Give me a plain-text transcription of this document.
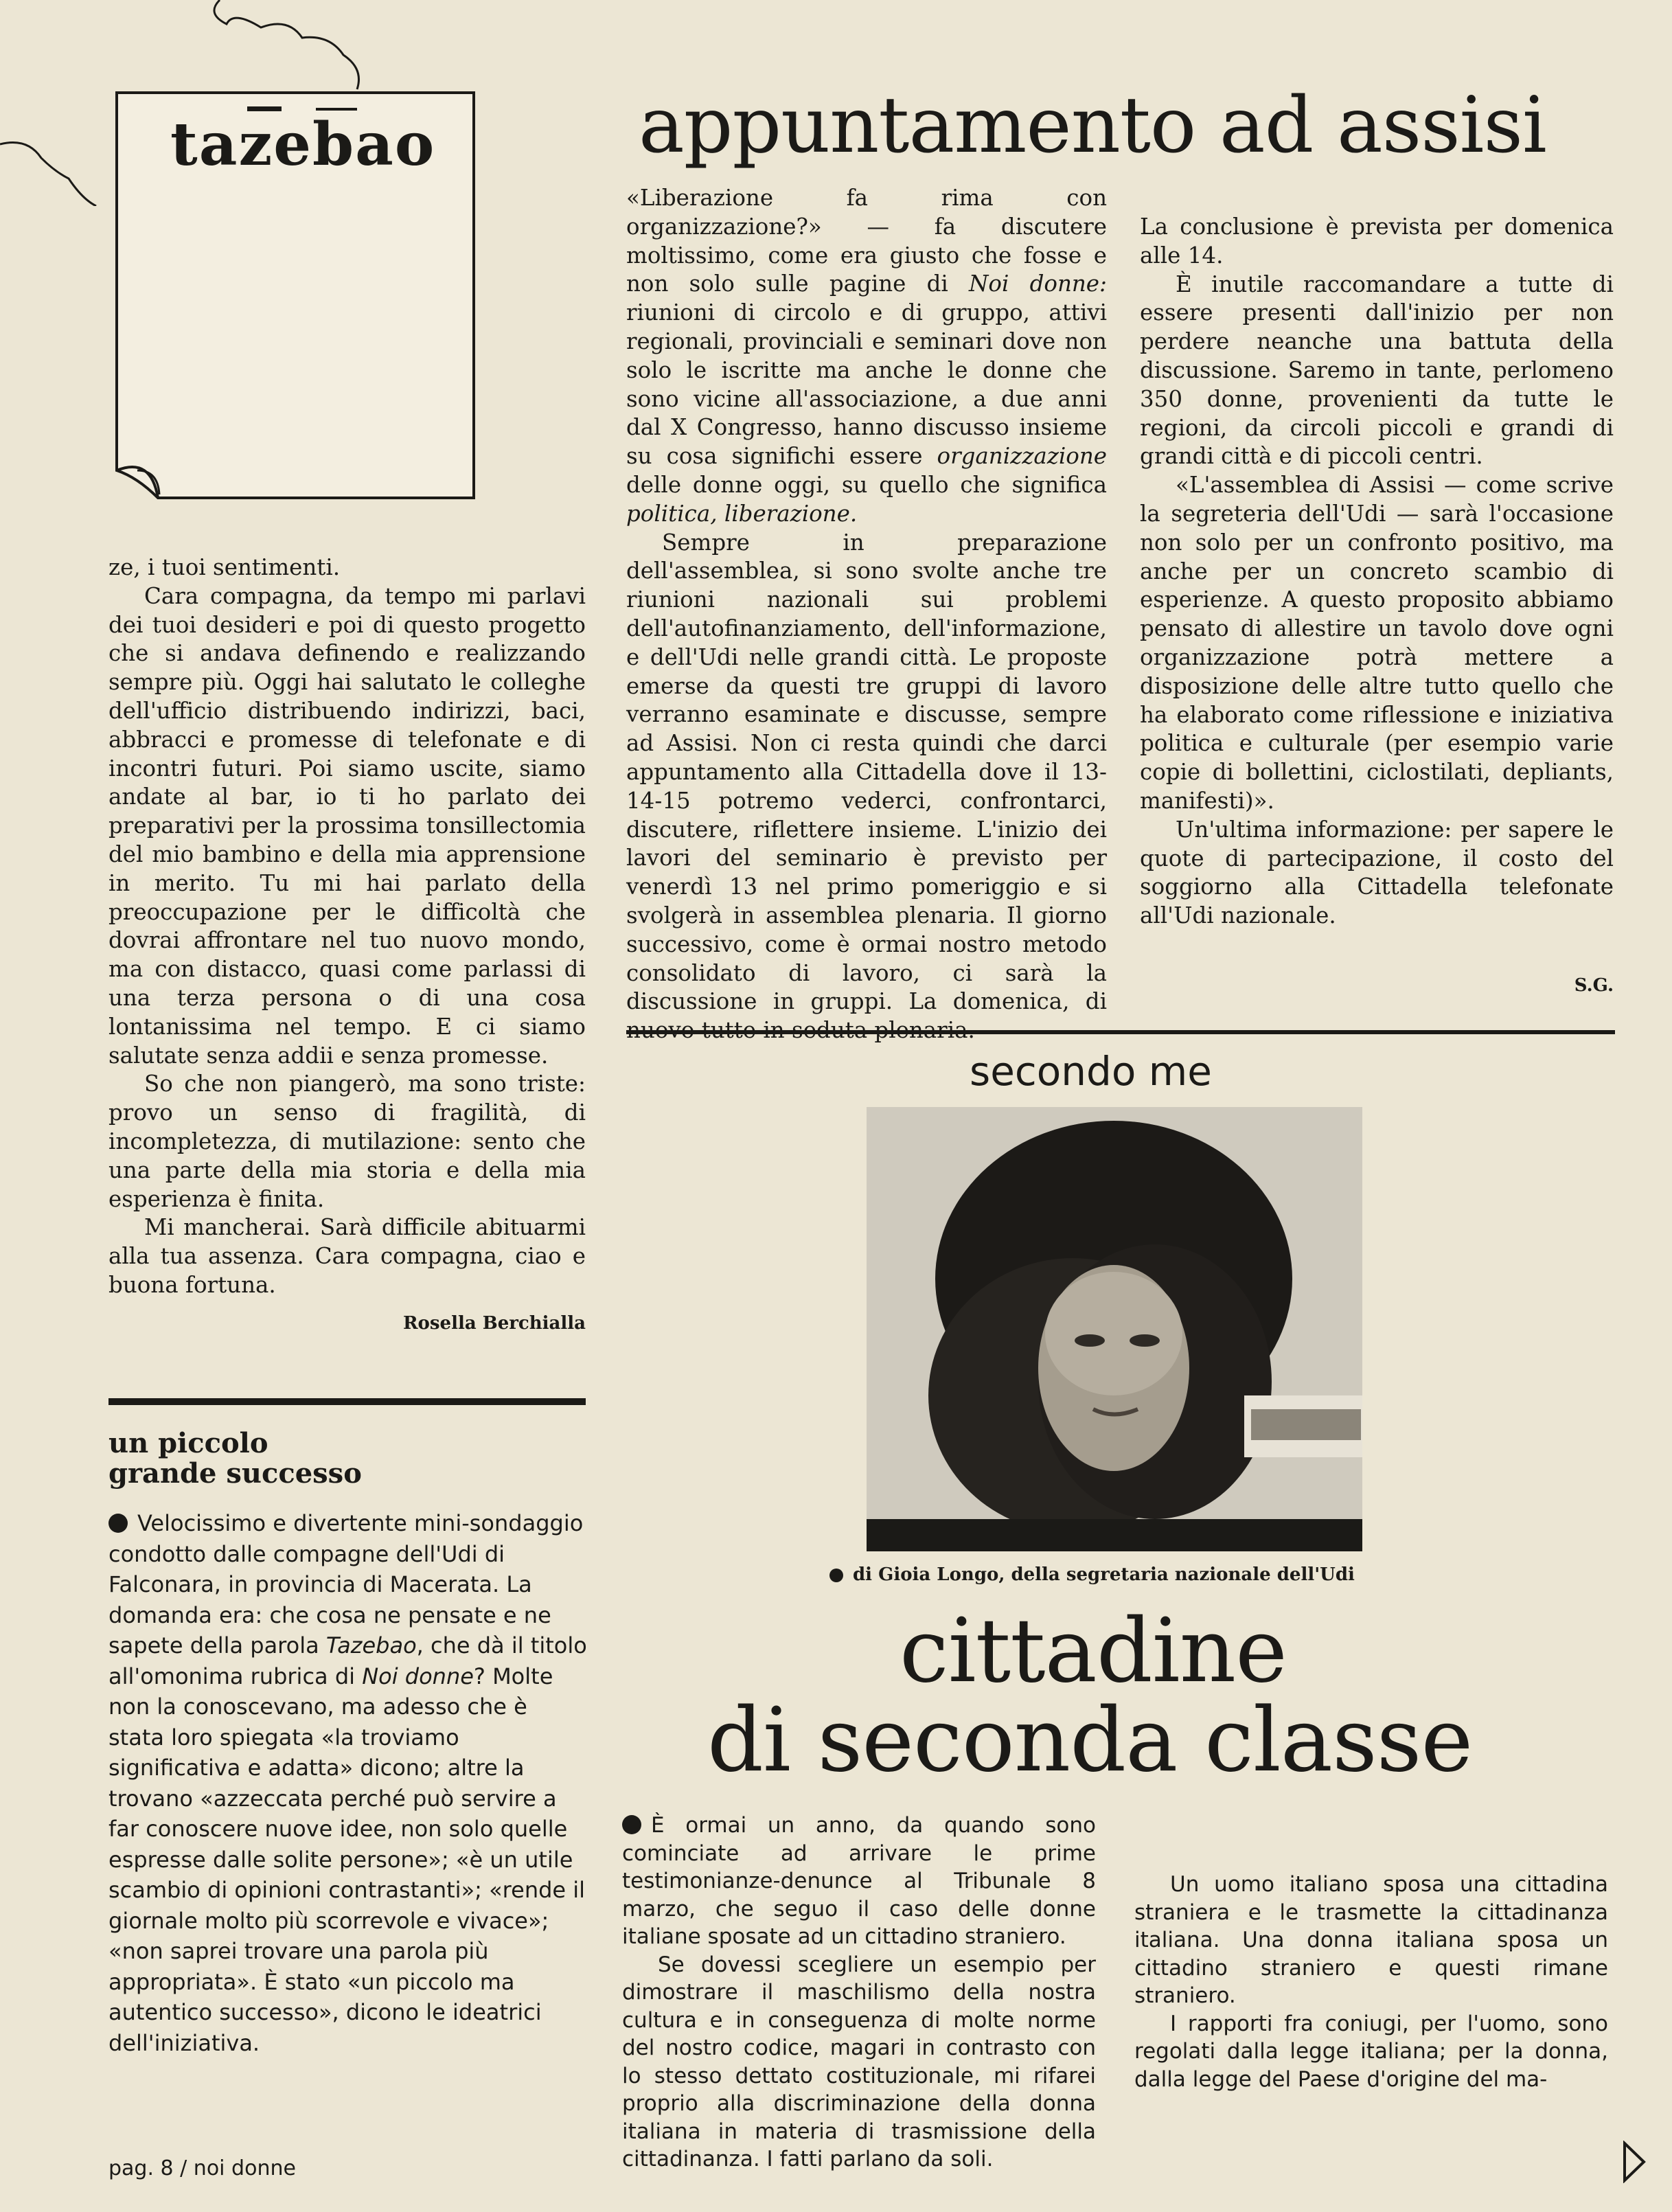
tazebao

ze, i tuoi sentimenti.

Cara compagna, da tempo mi parlavi dei tuoi desideri e poi di questo progetto che si andava definendo e realizzando sempre più. Oggi hai salutato le colleghe dell'ufficio distribuendo indirizzi, baci, abbracci e promesse di telefonate e di incontri futuri. Poi siamo uscite, siamo andate al bar, io ti ho parlato dei preparativi per la prossima tonsillectomia del mio bambino e della mia apprensione in merito. Tu mi hai parlato della preoccupazione per le difficoltà che dovrai affrontare nel tuo nuovo mondo, ma con distacco, quasi come parlassi di una terza persona o di una cosa lontanissima nel tempo. E ci siamo salutate senza addii e senza promesse.

So che non piangerò, ma sono triste: provo un senso di fragilità, di incompletezza, di mutilazione: sento che una parte della mia storia e della mia esperienza è finita.

Mi mancherai. Sarà difficile abituarmi alla tua assenza. Cara compagna, ciao e buona fortuna.

Rosella Berchialla

un piccolo
grande successo
Velocissimo e divertente mini-sondaggio condotto dalle compagne dell'Udi di Falconara, in provincia di Macerata. La domanda era: che cosa ne pensate e ne sapete della parola Tazebao, che dà il titolo all'omonima rubrica di Noi donne? Molte non la conoscevano, ma adesso che è stata loro spiegata «la troviamo significativa e adatta» dicono; altre la trovano «azzeccata perché può servire a far conoscere nuove idee, non solo quelle espresse dalle solite persone»; «è un utile scambio di opinioni contrastanti»; «rende il giornale molto più scorrevole e vivace»; «non saprei trovare una parola più appropriata». È stato «un piccolo ma autentico successo», dicono le ideatrici dell'iniziativa.
pag. 8 / noi donne
appuntamento ad assisi

«Liberazione fa rima con organizzazione?» — fa discutere moltissimo, come era giusto che fosse e non solo sulle pagine di Noi donne: riunioni di circolo e di gruppo, attivi regionali, provinciali e seminari dove non solo le iscritte ma anche le donne che sono vicine all'associazione, a due anni dal X Congresso, hanno discusso insieme su cosa significhi essere organizzazione delle donne oggi, su quello che significa politica, liberazione.

Sempre in preparazione dell'assemblea, si sono svolte anche tre riunioni nazionali sui problemi dell'autofinanziamento, dell'informazione, e dell'Udi nelle grandi città. Le proposte emerse da questi tre gruppi di lavoro verranno esaminate e discusse, sempre ad Assisi. Non ci resta quindi che darci appuntamento alla Cittadella dove il 13-14-15 potremo vederci, confrontarci, discutere, riflettere insieme. L'inizio dei lavori del seminario è previsto per venerdì 13 nel primo pomeriggio e si svolgerà in assemblea plenaria. Il giorno successivo, come è ormai nostro metodo consolidato di lavoro, ci sarà la discussione in gruppi. La domenica, di

La conclusione è prevista per domenica alle 14.

È inutile raccomandare a tutte di essere presenti dall'inizio per non perdere neanche una battuta della discussione. Saremo in tante, perlomeno 350 donne, provenienti da tutte le regioni, da circoli piccoli e grandi di grandi città e di piccoli centri.

«L'assemblea di Assisi — come scrive la segreteria dell'Udi — sarà l'occasione non solo per un confronto positivo, ma anche per un concreto scambio di esperienze. A questo proposito abbiamo pensato di allestire un tavolo dove ogni organizzazione potrà mettere a disposizione delle altre tutto quello che ha elaborato come riflessione e iniziativa politica e culturale (per esempio varie copie di bollettini, ciclostilati, depliants, manifesti)».

Un'ultima informazione: per sapere le quote di partecipazione, il costo del soggiorno alla Cittadella telefonate all'Udi nazionale.

S.G.
secondo me
di Gioia Longo, della segretaria nazionale dell'Udi
cittadine
di seconda classe

È ormai un anno, da quando sono cominciate ad arrivare le prime testimonianze-denunce al Tribunale 8 marzo, che seguo il caso delle donne italiane sposate ad un cittadino straniero.

Se dovessi scegliere un esempio per dimostrare il maschilismo della nostra cultura e in conseguenza di molte norme del nostro codice, magari in contrasto con lo stesso dettato costituzionale, mi rifarei proprio alla discriminazione della donna italiana in materia di trasmissione della cittadinanza. I fatti parlano da soli.

Un uomo italiano sposa una cittadina straniera e le trasmette la cittadinanza italiana. Una donna italiana sposa un cittadino straniero e questi rimane straniero.

I rapporti fra coniugi, per l'uomo, sono regolati dalla legge italiana; per la donna, dalla legge del Paese d'origine del ma-
